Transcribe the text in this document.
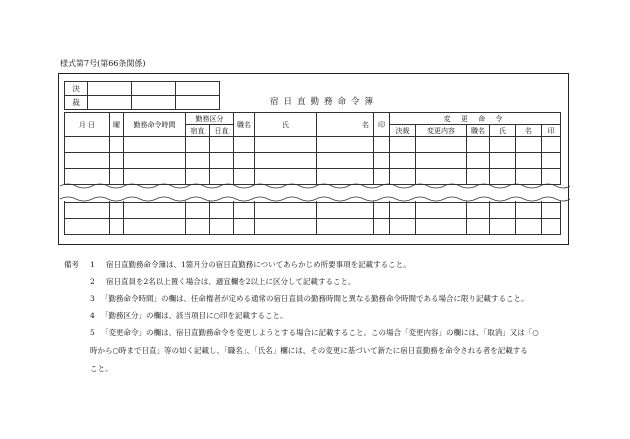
様式第7号(第66条関係)
決			
裁				宿日直勤務命令簿
月 日	曜	勤務命令時間	勤務区分		職名	氏	名	印	変 更 命 令					
			宿直	日直					決裁	変更内容	職名	氏	名	印

備考 1 宿日直勤務命令簿は、1箇月分の宿日直勤務についてあらかじめ所要事項を記載すること。
2 宿日直員を2名以上置く場合は、適宜欄を2以上に区分して記載すること。
3 「勤務命令時間」の欄は、任命権者が定める通常の宿日直員の勤務時間と異なる勤務命令時間である場合に限り記載すること。
4 「勤務区分」の欄は、該当項目に○印を記載すること。
5 「変更命令」の欄は、宿日直勤務命令を変更しようとする場合に記載すること。この場合「変更内容」の欄には、「取消」又は「○
時から○時まで日直」等の如く記載し、「職名」、「氏名」欄には、その変更に基づいて新たに宿日直勤務を命令される者を記載する
こと。
